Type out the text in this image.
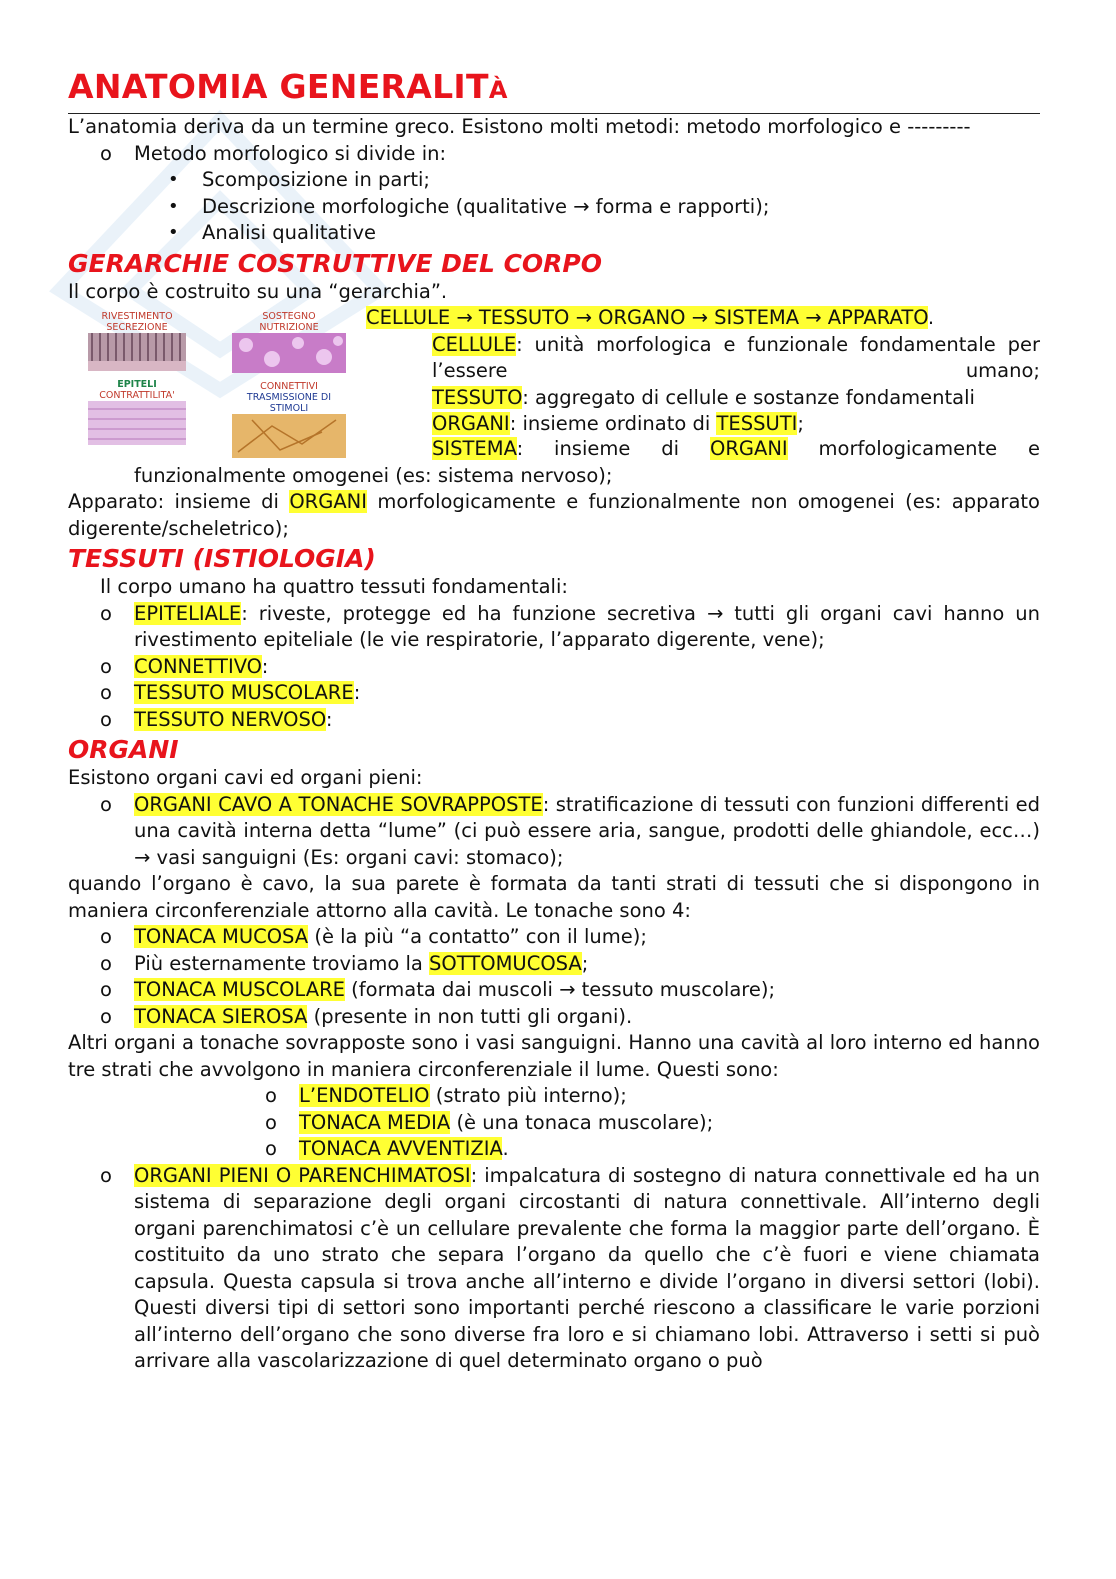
ANATOMIA GENERALITÀ

L’anatomia deriva da un termine greco. Esistono molti metodi: metodo morfologico e ---------

o Metodo morfologico si divide in:
• Scomposizione in parti;
• Descrizione morfologiche (qualitative → forma e rapporti);
• Analisi qualitative
GERARCHIE COSTRUTTIVE DEL CORPO

Il corpo è costruito su una “gerarchia”.

RIVESTIMENTO SECREZIONE
EPITELI
CONTRATTILITA'
SOSTEGNO NUTRIZIONE
CONNETTIVI
TRASMISSIONE DI STIMOLI
CELLULE → TESSUTO → ORGANO → SISTEMA → APPARATO.

CELLULE: unità morfologica e funzionale fondamentale per l’essere umano;

TESSUTO: aggregato di cellule e sostanze fondamentali

ORGANI: insieme ordinato di TESSUTI;

SISTEMA: insieme di ORGANI morfologicamente e
funzionalmente omogenei (es: sistema nervoso);

Apparato: insieme di ORGANI morfologicamente e funzionalmente non omogenei (es: apparato digerente/scheletrico);

TESSUTI (ISTIOLOGIA)

Il corpo umano ha quattro tessuti fondamentali:

o EPITELIALE: riveste, protegge ed ha funzione secretiva → tutti gli organi cavi hanno un rivestimento epiteliale (le vie respiratorie, l’apparato digerente, vene);
o CONNETTIVO:
o TESSUTO MUSCOLARE:
o TESSUTO NERVOSO:
ORGANI

Esistono organi cavi ed organi pieni:

o ORGANI CAVO A TONACHE SOVRAPPOSTE: stratificazione di tessuti con funzioni differenti ed una cavità interna detta “lume” (ci può essere aria, sangue, prodotti delle ghiandole, ecc…) → vasi sanguigni (Es: organi cavi: stomaco);

quando l’organo è cavo, la sua parete è formata da tanti strati di tessuti che si dispongono in maniera circonferenziale attorno alla cavità. Le tonache sono 4:

o TONACA MUCOSA (è la più “a contatto” con il lume);
o Più esternamente troviamo la SOTTOMUCOSA;
o TONACA MUSCOLARE (formata dai muscoli → tessuto muscolare);
o TONACA SIEROSA (presente in non tutti gli organi).

Altri organi a tonache sovrapposte sono i vasi sanguigni. Hanno una cavità al loro interno ed hanno tre strati che avvolgono in maniera circonferenziale il lume. Questi sono:

o L’ENDOTELIO (strato più interno);
o TONACA MEDIA (è una tonaca muscolare);
o TONACA AVVENTIZIA.
o ORGANI PIENI O PARENCHIMATOSI: impalcatura di sostegno di natura connettivale ed ha un sistema di separazione degli organi circostanti di natura connettivale. All’interno degli organi parenchimatosi c’è un cellulare prevalente che forma la maggior parte dell’organo. È costituito da uno strato che separa l’organo da quello che c’è fuori e viene chiamata capsula. Questa capsula si trova anche all’interno e divide l’organo in diversi settori (lobi). Questi diversi tipi di settori sono importanti perché riescono a classificare le varie porzioni all’interno dell’organo che sono diverse fra loro e si chiamano lobi. Attraverso i setti si può arrivare alla vascolarizzazione di quel determinato organo o può
